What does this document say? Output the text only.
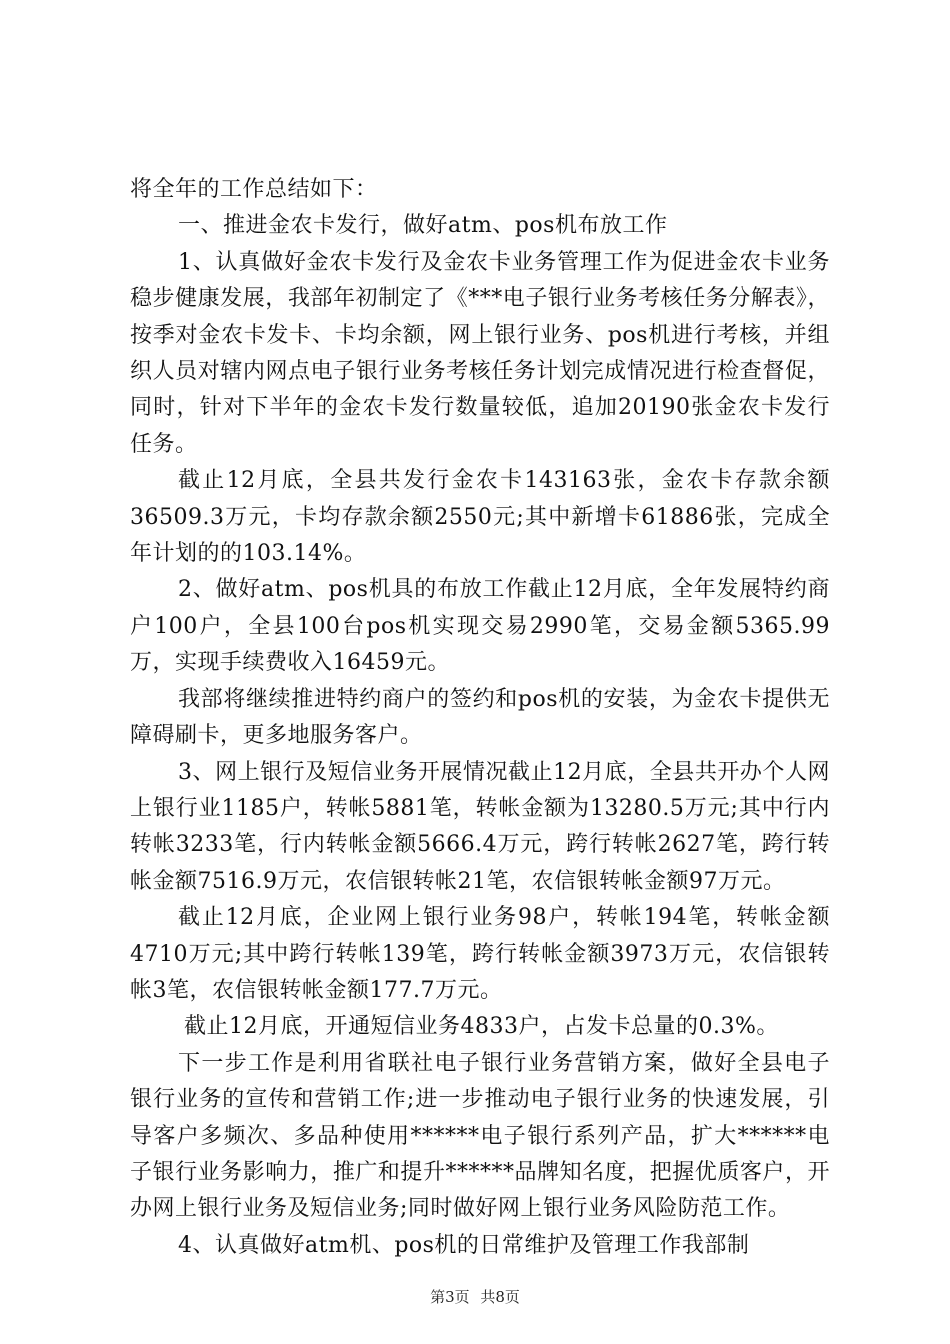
将全年的工作总结如下：

一、推进金农卡发行，做好atm、pos机布放工作

1、认真做好金农卡发行及金农卡业务管理工作为促进金农卡业务稳步健康发展，我部年初制定了《***电子银行业务考核任务分解表》，按季对金农卡发卡、卡均余额，网上银行业务、pos机进行考核，并组织人员对辖内网点电子银行业务考核任务计划完成情况进行检查督促，同时，针对下半年的金农卡发行数量较低，追加20190张金农卡发行任务。

截止12月底，全县共发行金农卡143163张，金农卡存款余额36509.3万元，卡均存款余额2550元;其中新增卡61886张，完成全年计划的的103.14%。

2、做好atm、pos机具的布放工作截止12月底，全年发展特约商户100户，全县100台pos机实现交易2990笔，交易金额5365.99万，实现手续费收入16459元。

我部将继续推进特约商户的签约和pos机的安装，为金农卡提供无障碍刷卡，更多地服务客户。

3、网上银行及短信业务开展情况截止12月底，全县共开办个人网上银行业1185户，转帐5881笔，转帐金额为13280.5万元;其中行内转帐3233笔，行内转帐金额5666.4万元，跨行转帐2627笔，跨行转帐金额7516.9万元，农信银转帐21笔，农信银转帐金额97万元。

截止12月底，企业网上银行业务98户，转帐194笔，转帐金额4710万元;其中跨行转帐139笔，跨行转帐金额3973万元，农信银转帐3笔，农信银转帐金额177.7万元。

截止12月底，开通短信业务4833户，占发卡总量的0.3%。

下一步工作是利用省联社电子银行业务营销方案，做好全县电子银行业务的宣传和营销工作;进一步推动电子银行业务的快速发展，引导客户多频次、多品种使用******电子银行系列产品，扩大******电子银行业务影响力，推广和提升******品牌知名度，把握优质客户，开办网上银行业务及短信业务;同时做好网上银行业务风险防范工作。

4、认真做好atm机、pos机的日常维护及管理工作我部制

第3页 共8页
